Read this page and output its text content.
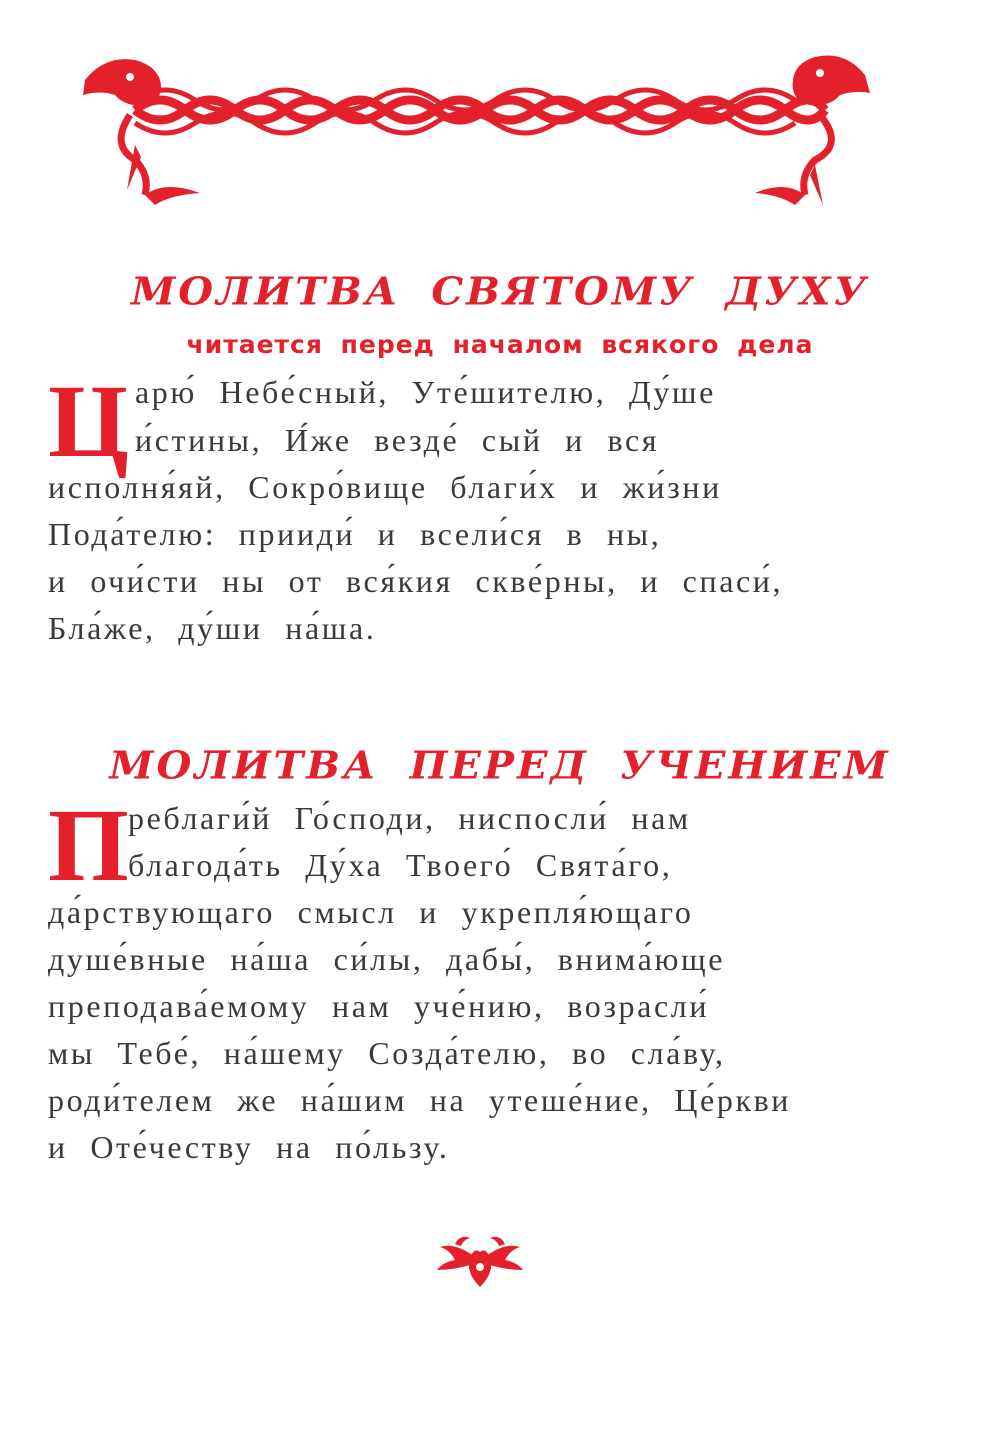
МОЛИТВА СВЯТОМУ ДУХУ
читается перед началом всякого дела
Ц арю́ Небе́сный, Уте́шителю, Ду́ше
и́стины, И́же везде́ сый и вся
исполня́яй, Сокро́вище благи́х и жи́зни
Пода́телю: прииди́ и всели́ся в ны,
и очи́сти ны от вся́кия скве́рны, и спаси́,
Бла́же, ду́ши на́ша.
МОЛИТВА ПЕРЕД УЧЕНИЕМ
П реблаги́й Го́споди, ниспосли́ нам
благода́ть Ду́ха Твоего́ Свята́го,
да́рствующаго смысл и укрепля́ющаго
душе́вные на́ша си́лы, дабы́, внима́юще
преподава́емому нам уче́нию, возрасли́
мы Тебе́, на́шему Созда́телю, во сла́ву,
роди́телем же на́шим на утеше́ние, Це́ркви
и Оте́честву на по́льзу.
